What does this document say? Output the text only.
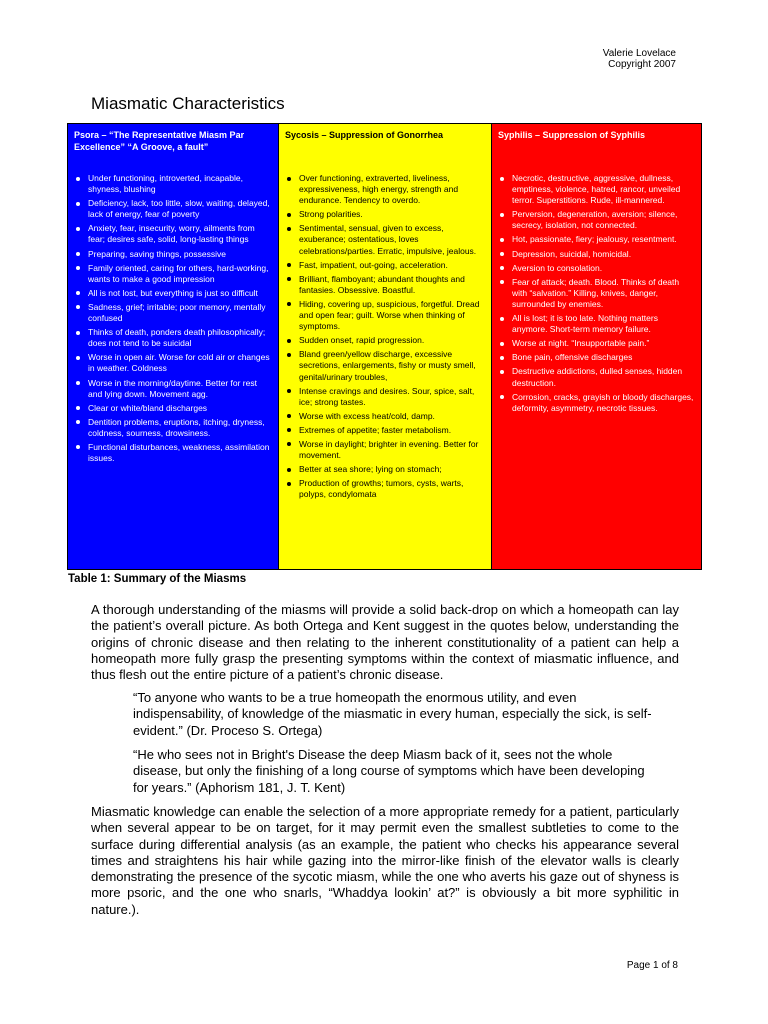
Valerie Lovelace
Copyright 2007
Miasmatic Characteristics
Psora – “The Representative Miasm Par Excellence” “A Groove, a fault”
Under functioning, introverted, incapable, shyness, blushing
Deficiency, lack, too little, slow, waiting, delayed, lack of energy, fear of poverty
Anxiety, fear, insecurity, worry, ailments from fear; desires safe, solid, long-lasting things
Preparing, saving things, possessive
Family oriented, caring for others, hard-working, wants to make a good impression
All is not lost, but everything is just so difficult
Sadness, grief; irritable; poor memory, mentally confused
Thinks of death, ponders death philosophically; does not tend to be suicidal
Worse in open air. Worse for cold air or changes in weather. Coldness
Worse in the morning/daytime. Better for rest and lying down. Movement agg.
Clear or white/bland discharges
Dentition problems, eruptions, itching, dryness, coldness, sourness, drowsiness.
Functional disturbances, weakness, assimilation issues.
Sycosis – Suppression of Gonorrhea
Over functioning, extraverted, liveliness, expressiveness, high energy, strength and endurance. Tendency to overdo.
Strong polarities.
Sentimental, sensual, given to excess, exuberance; ostentatious, loves celebrations/parties. Erratic, impulsive, jealous.
Fast, impatient, out-going, acceleration.
Brilliant, flamboyant; abundant thoughts and fantasies. Obsessive. Boastful.
Hiding, covering up, suspicious, forgetful. Dread and open fear; guilt. Worse when thinking of symptoms.
Sudden onset, rapid progression.
Bland green/yellow discharge, excessive secretions, enlargements, fishy or musty smell, genital/urinary troubles,
Intense cravings and desires. Sour, spice, salt, ice; strong tastes.
Worse with excess heat/cold, damp.
Extremes of appetite; faster metabolism.
Worse in daylight; brighter in evening. Better for movement.
Better at sea shore; lying on stomach;
Production of growths; tumors, cysts, warts, polyps, condylomata
Syphilis – Suppression of Syphilis
Necrotic, destructive, aggressive, dullness, emptiness, violence, hatred, rancor, unveiled terror. Superstitions. Rude, ill-mannered.
Perversion, degeneration, aversion; silence, secrecy, isolation, not connected.
Hot, passionate, fiery; jealousy, resentment.
Depression, suicidal, homicidal.
Aversion to consolation.
Fear of attack; death. Blood. Thinks of death with “salvation.” Killing, knives, danger, surrounded by enemies.
All is lost; it is too late. Nothing matters anymore. Short-term memory failure.
Worse at night. “Insupportable pain.”
Bone pain, offensive discharges
Destructive addictions, dulled senses, hidden destruction.
Corrosion, cracks, grayish or bloody discharges, deformity, asymmetry, necrotic tissues.
Table 1: Summary of the Miasms

A thorough understanding of the miasms will provide a solid back-drop on which a homeopath can lay the patient’s overall picture. As both Ortega and Kent suggest in the quotes below, understanding the origins of chronic disease and then relating to the inherent constitutionality of a patient can help a homeopath more fully grasp the presenting symptoms within the context of miasmatic influence, and thus flesh out the entire picture of a patient’s chronic disease.

“To anyone who wants to be a true homeopath the enormous utility, and even indispensability, of knowledge of the miasmatic in every human, especially the sick, is self-evident.” (Dr. Proceso S. Ortega)

“He who sees not in Bright's Disease the deep Miasm back of it, sees not the whole disease, but only the finishing of a long course of symptoms which have been developing for years.” (Aphorism 181, J. T. Kent)

Miasmatic knowledge can enable the selection of a more appropriate remedy for a patient, particularly when several appear to be on target, for it may permit even the smallest subtleties to come to the surface during differential analysis (as an example, the patient who checks his appearance several times and straightens his hair while gazing into the mirror-like finish of the elevator walls is clearly demonstrating the presence of the sycotic miasm, while the one who averts his gaze out of shyness is more psoric, and the one who snarls, “Whaddya lookin’ at?” is obviously a bit more syphilitic in nature.).

Page 1 of 8
